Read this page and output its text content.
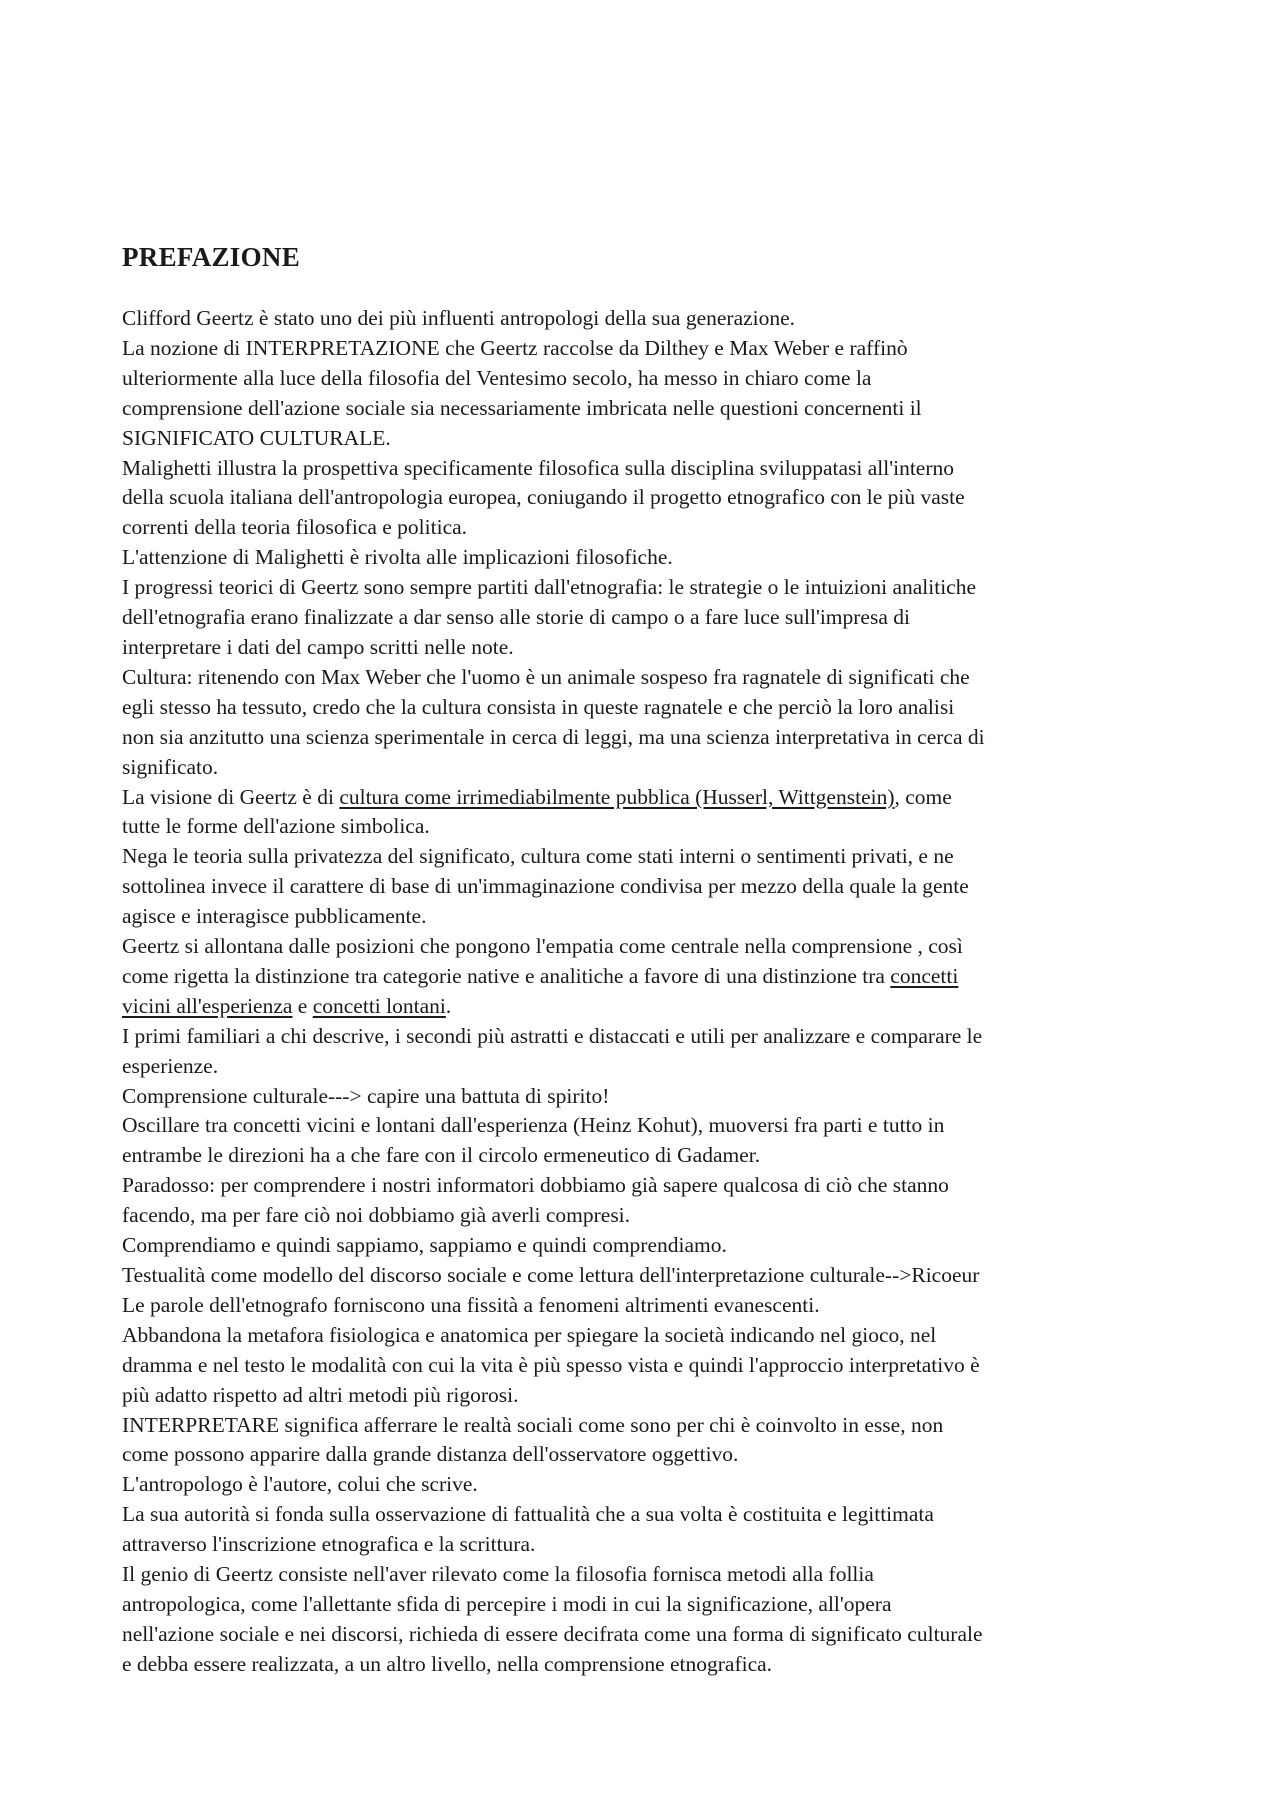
PREFAZIONE
Clifford Geertz è stato uno dei più influenti antropologi della sua generazione.
La nozione di INTERPRETAZIONE che Geertz raccolse da Dilthey e Max Weber e raffinò
ulteriormente alla luce della filosofia del Ventesimo secolo, ha messo in chiaro come la
comprensione dell'azione sociale sia necessariamente imbricata nelle questioni concernenti il
SIGNIFICATO CULTURALE.
Malighetti illustra la prospettiva specificamente filosofica sulla disciplina sviluppatasi all'interno
della scuola italiana dell'antropologia europea, coniugando il progetto etnografico con le più vaste
correnti della teoria filosofica e politica.
L'attenzione di Malighetti è rivolta alle implicazioni filosofiche.
I progressi teorici di Geertz sono sempre partiti dall'etnografia: le strategie o le intuizioni analitiche
dell'etnografia erano finalizzate a dar senso alle storie di campo o a fare luce sull'impresa di
interpretare i dati del campo scritti nelle note.
Cultura: ritenendo con Max Weber che l'uomo è un animale sospeso fra ragnatele di significati che
egli stesso ha tessuto, credo che la cultura consista in queste ragnatele e che perciò la loro analisi
non sia anzitutto una scienza sperimentale in cerca di leggi, ma una scienza interpretativa in cerca di
significato.
La visione di Geertz è di cultura come irrimediabilmente pubblica (Husserl, Wittgenstein), come
tutte le forme dell'azione simbolica.
Nega le teoria sulla privatezza del significato, cultura come stati interni o sentimenti privati, e ne
sottolinea invece il carattere di base di un'immaginazione condivisa per mezzo della quale la gente
agisce e interagisce pubblicamente.
Geertz si allontana dalle posizioni che pongono l'empatia come centrale nella comprensione , così
come rigetta la distinzione tra categorie native e analitiche a favore di una distinzione tra concetti
vicini all'esperienza e concetti lontani.
I primi familiari a chi descrive, i secondi più astratti e distaccati e utili per analizzare e comparare le
esperienze.
Comprensione culturale---> capire una battuta di spirito!
Oscillare tra concetti vicini e lontani dall'esperienza (Heinz Kohut), muoversi fra parti e tutto in
entrambe le direzioni ha a che fare con il circolo ermeneutico di Gadamer.
Paradosso: per comprendere i nostri informatori dobbiamo già sapere qualcosa di ciò che stanno
facendo, ma per fare ciò noi dobbiamo già averli compresi.
Comprendiamo e quindi sappiamo, sappiamo e quindi comprendiamo.
Testualità come modello del discorso sociale e come lettura dell'interpretazione culturale-->Ricoeur
Le parole dell'etnografo forniscono una fissità a fenomeni altrimenti evanescenti.
Abbandona la metafora fisiologica e anatomica per spiegare la società indicando nel gioco, nel
dramma e nel testo le modalità con cui la vita è più spesso vista e quindi l'approccio interpretativo è
più adatto rispetto ad altri metodi più rigorosi.
INTERPRETARE significa afferrare le realtà sociali come sono per chi è coinvolto in esse, non
come possono apparire dalla grande distanza dell'osservatore oggettivo.
L'antropologo è l'autore, colui che scrive.
La sua autorità si fonda sulla osservazione di fattualità che a sua volta è costituita e legittimata
attraverso l'inscrizione etnografica e la scrittura.
Il genio di Geertz consiste nell'aver rilevato come la filosofia fornisca metodi alla follia
antropologica, come l'allettante sfida di percepire i modi in cui la significazione, all'opera
nell'azione sociale e nei discorsi, richieda di essere decifrata come una forma di significato culturale
e debba essere realizzata, a un altro livello, nella comprensione etnografica.
